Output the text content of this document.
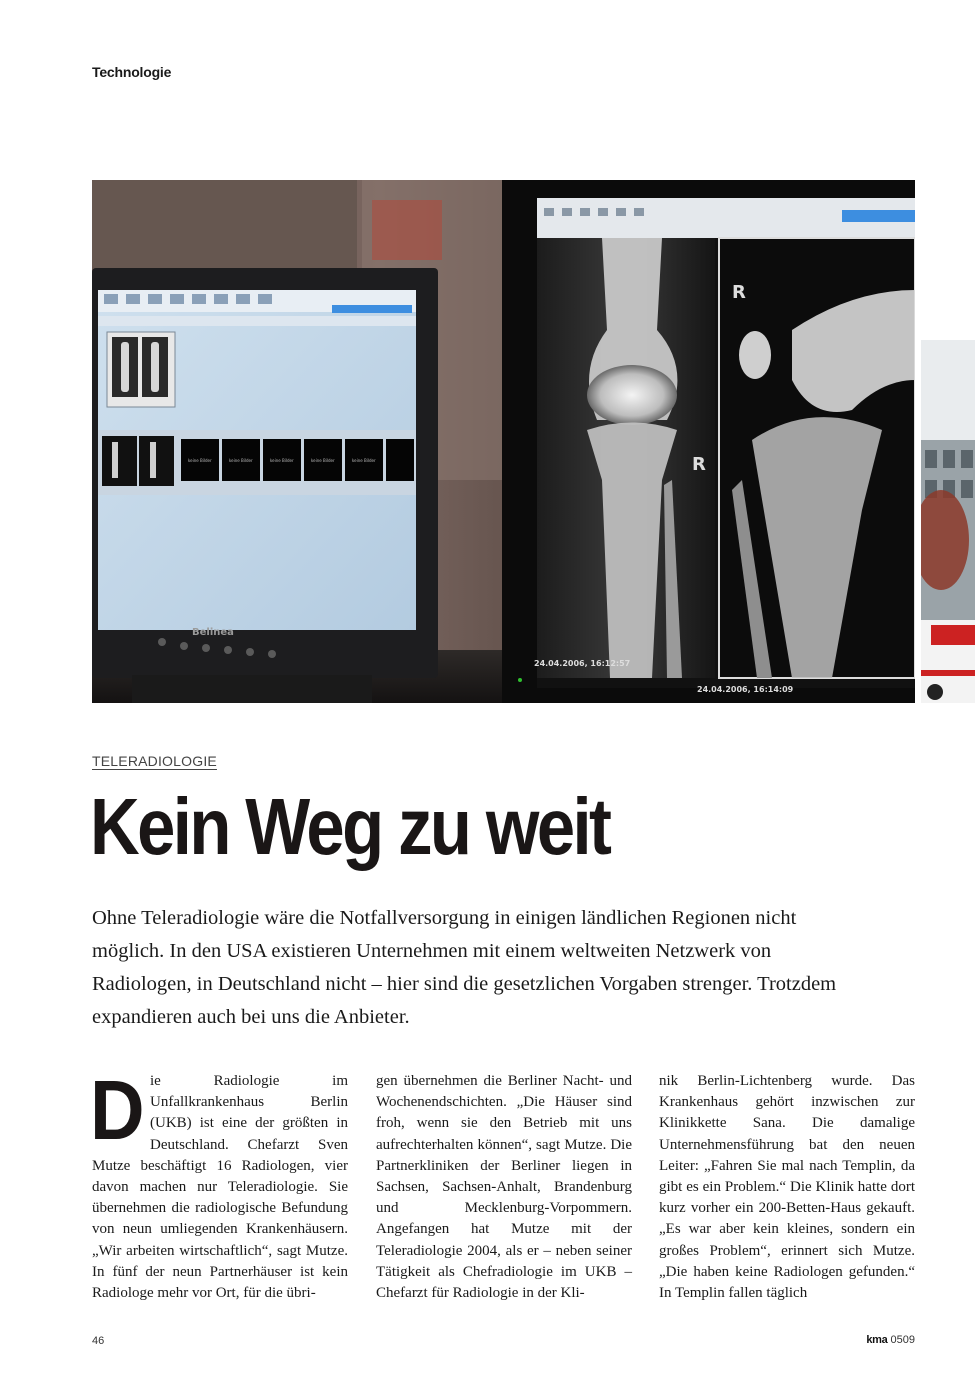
Technologie
keine Bilder	keine Bilder	keine Bilder	keine Bilder	keine Bilder
Belinea
R
R
24.04.2006, 16:12:57
24.04.2006, 16:14:09
TELERADIOLOGIE
Kein Weg zu weit

Ohne Teleradiologie wäre die Notfallversorgung in einigen ländlichen Regionen nicht möglich. In den USA existieren Unternehmen mit einem weltweiten Netzwerk von Radiologen, in Deutschland nicht – hier sind die gesetzlichen Vorgaben strenger. Trotzdem expandieren auch bei uns die Anbieter.

Die Radiologie im Unfallkrankenhaus Berlin (UKB) ist eine der größten in Deutschland. Chefarzt Sven Mutze beschäftigt 16 Radiologen, vier davon machen nur Teleradiologie. Sie übernehmen die radiologische Befundung von neun umliegenden Krankenhäusern. „Wir arbeiten wirtschaftlich“, sagt Mutze. In fünf der neun Partnerhäuser ist kein Radiologe mehr vor Ort, für die übri-

gen übernehmen die Berliner Nacht- und Wochenendschichten. „Die Häuser sind froh, wenn sie den Betrieb mit uns aufrechterhalten können“, sagt Mutze. Die Partnerkliniken der Berliner liegen in Sachsen, Sachsen-Anhalt, Brandenburg und Mecklenburg-Vorpommern. Angefangen hat Mutze mit der Teleradiologie 2004, als er – neben seiner Tätigkeit als Chefradiologie im UKB – Chefarzt für Radiologie in der Kli-

nik Berlin-Lichtenberg wurde. Das Krankenhaus gehört inzwischen zur Klinikkette Sana. Die damalige Unternehmensführung bat den neuen Leiter: „Fahren Sie mal nach Templin, da gibt es ein Problem.“ Die Klinik hatte dort kurz vorher ein 200-Betten-Haus gekauft. „Es war aber kein kleines, sondern ein großes Problem“, erinnert sich Mutze. „Die haben keine Radiologen gefunden.“ In Templin fallen täglich

46	kma 0509
